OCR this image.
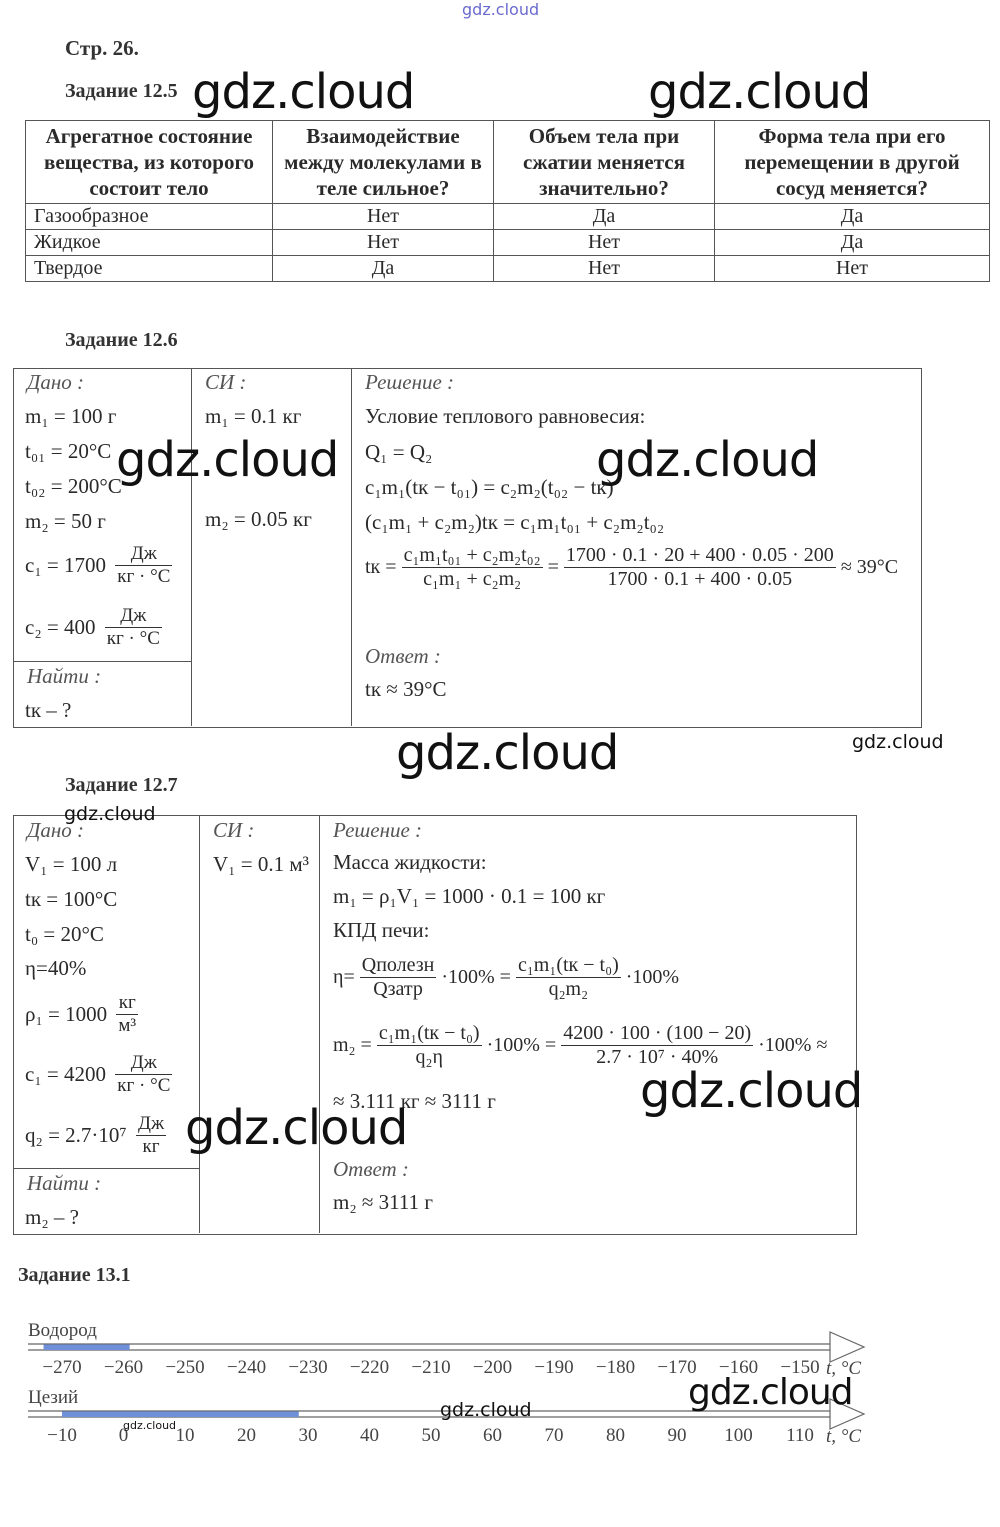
gdz.cloud
Стр. 26.
Задание 12.5
Агрегатное состояние вещества, из которого состоит тело	Взаимодействие между молекулами в теле сильное?	Объем тела при сжатии меняется значительно?	Форма тела при его перемещении в другой сосуд меняется?
Газообразное	Нет	Да	Да
Жидкое	Нет	Нет	Да
Твердое	Да	Нет	Нет
gdz.cloud	gdz.cloud
Задание 12.6
Дано :
m₁ = 100 г
t₀₁ = 20°C
t₀₂ = 200°C
m₂ = 50 г
$c_1 = 1700 \frac{Дж}{кг \cdot ^\circ C}$
$c_2 = 400 \frac{Дж}{кг \cdot ^\circ C}$
Найти :
tк – ?
СИ :
m₁ = 0.1 кг
m₂ = 0.05 кг
Решение :
Условие теплового равновесия:
Q₁ = Q₂
c₁m₁(tк − t₀₁) = c₂m₂(t₀₂ − tк)
(c₁m₁ + c₂m₂)tк = c₁m₁t₀₁ + c₂m₂t₀₂
tк = $\frac{\text{c₁m₁t₀₁ + c₂m₂t₀₂}}{\text{c₁m₁ + c₂m₂}} = \frac{1700 \cdot 0.1 \cdot 20 + 400 \cdot 0.05 \cdot 200}{1700 \cdot 0.1 + 400 \cdot 0.05} \approx 39^\circ C$
Ответ :
tк ≈ 39°C
gdz.cloud	gdz.cloud
gdz.cloud	gdz.cloud
Задание 12.7
Дано :
V₁ = 100 л
tк = 100°C
t₀ = 20°C
η=40%
$\rho_1 = 1000 \frac{кг}{\text{м³}}$
$c_1 = 4200 \frac{Дж}{кг \cdot ^\circ C}$
$q_2 = 2.7\cdot 10^7 \frac{Дж}{кг}$
Найти :
m₂ – ?
СИ :
V₁ = 0.1 м³
Решение :
Масса жидкости:
m₁ = ρ₁V₁ = 1000 · 0.1 = 100 кг
КПД печи:
$\eta= \frac{\text{Qполезн}}{\text{Qзатр}} \cdot 100\% = \frac{\text{c₁m₁(tк − t₀)}}{\text{q₂m₂}} \cdot 100\%$
$m_2 = \frac{\text{c₁m₁(tк − t₀)}}{\text{q₂η}} \cdot 100\% = \frac{4200 \cdot 100 \cdot (100 - 20)}{\text{2.7 · 10⁷ · 40\%}} \cdot 100\%$ ≈
≈ 3.111 кг ≈ 3111 г
Ответ :
m₂ ≈ 3111 г
gdz.cloud
gdz.cloud
gdz.cloud
Задание 13.1
Водород
Цезий
−270 −260 −250 −240 −230 −220 −210 −200 −190 −180 −170 −160 −150
−10 0 10 20 30 40 50 60 70 80 90 100 110
t, °C
t, °C
gdz.cloud
gdz.cloud
gdz.cloud
